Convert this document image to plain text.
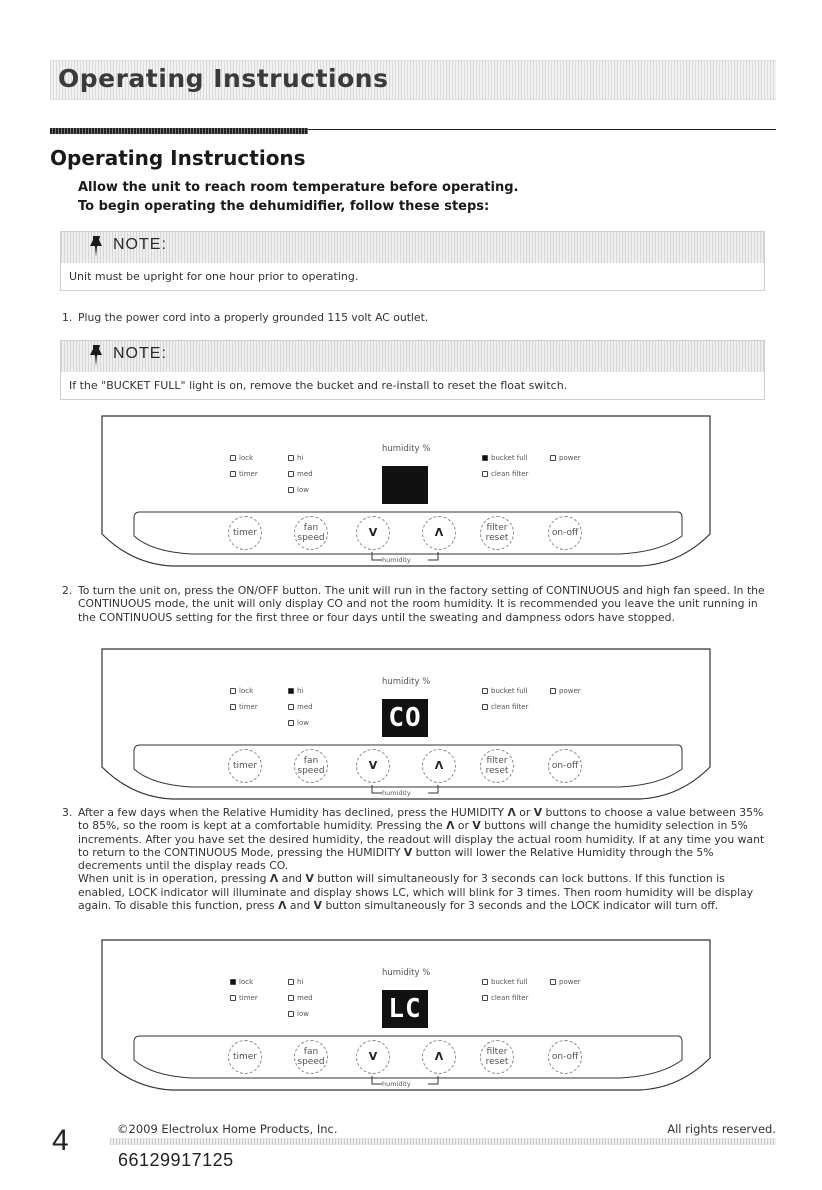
Operating Instructions
Operating Instructions
Allow the unit to reach room temperature before operating.
To begin operating the dehumidifier, follow these steps:
NOTE:
Unit must be upright for one hour prior to operating.
1. Plug the power cord into a properly grounded 115 volt AC outlet.
NOTE:
If the "BUCKET FULL" light is on, remove the bucket and re-install to reset the float switch.
lock
timer
hi
med
low
humidity %
bucket full
clean filter
power
timer	fan
speed	V	Λ	filter
reset	on-off
humidity
2. To turn the unit on, press the ON/OFF button. The unit will run in the factory setting of CONTINUOUS and high fan speed. In the CONTINUOUS mode, the unit will only display CO and not the room humidity. It is recommended you leave the unit running in the CONTINUOUS setting for the first three or four days until the sweating and dampness odors have stopped.
lock
timer
hi
med
low
humidity %
CO
bucket full
clean filter
power
timer	fan
speed	V	Λ	filter
reset	on-off
humidity
3. After a few days when the Relative Humidity has declined, press the HUMIDITY Λ or V buttons to choose a value between 35% to 85%, so the room is kept at a comfortable humidity. Pressing the Λ or V buttons will change the humidity selection in 5% increments. After you have set the desired humidity, the readout will display the actual room humidity. If at any time you want to return to the CONTINUOUS Mode, pressing the HUMIDITY V button will lower the Relative Humidity through the 5% decrements until the display reads CO.
When unit is in operation, pressing Λ and V button will simultaneously for 3 seconds can lock buttons. If this function is enabled, LOCK indicator will illuminate and display shows LC, which will blink for 3 times. Then room humidity will be display again. To disable this function, press Λ and V button simultaneously for 3 seconds and the LOCK indicator will turn off.
lock
timer
hi
med
low
humidity %
LC
bucket full
clean filter
power
timer	fan
speed	V	Λ	filter
reset	on-off
humidity
©2009 Electrolux Home Products, Inc.	All rights reserved.
4
66129917125
